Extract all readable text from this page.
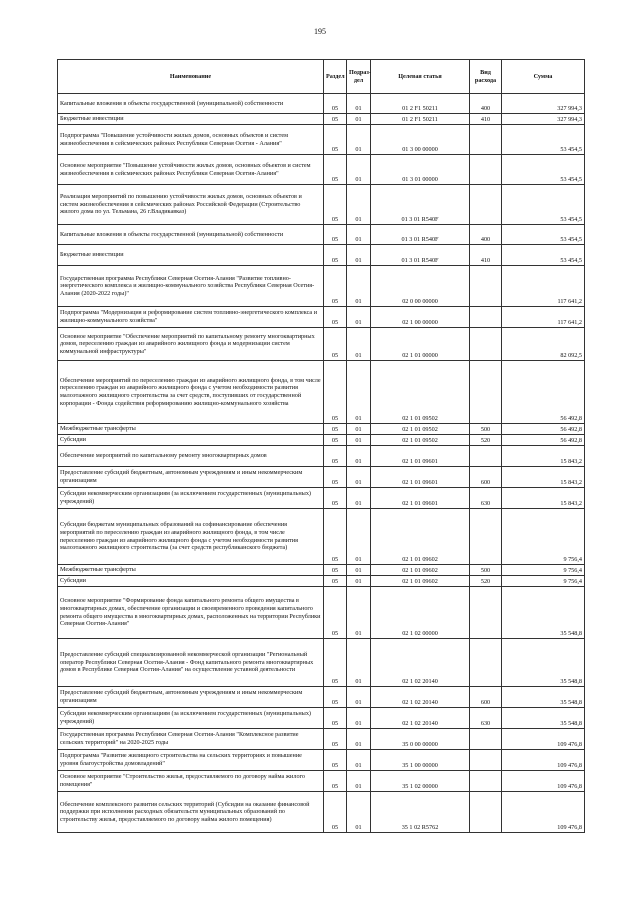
195
Наименование	Раздел	Подраз-дел	Целевая статья	Вид расхода	Сумма
Капитальные вложения в объекты государственной (муниципальной) собственности	05	01	01 2 F1 50211	400	327 994,3
Бюджетные инвестиции	05	01	01 2 F1 50211	410	327 994,3
Подпрограмма "Повышение устойчивости жилых домов, основных объектов и систем жизнеобеспечения в сейсмических районах Республики Северная Осетия - Алания"	05	01	01 3 00 00000		53 454,5
Основное мероприятие "Повышение устойчивости жилых домов, основных объектов и систем жизнеобеспечения в сейсмических районах Республики Северная Осетия-Алания"	05	01	01 3 01 00000		53 454,5
Реализация мероприятий по повышению устойчивости жилых домов, основных объектов и систем жизнеобеспечения в сейсмических районах Российской Федерации (Строительство жилого дома по ул. Тельмана, 26 г.Владикавказ)	05	01	01 3 01 R540F		53 454,5
Капитальные вложения в объекты государственной (муниципальной) собственности	05	01	01 3 01 R540F	400	53 454,5
Бюджетные инвестиции	05	01	01 3 01 R540F	410	53 454,5
Государственная программа Республики Северная Осетия-Алания "Развитие топливно-энергетического комплекса и жилищно-коммунального хозяйства Республики Северная Осетия-Алания (2020-2022 годы)"	05	01	02 0 00 00000		117 641,2
Подпрограмма "Модернизация и реформирование систем топливно-энергетического комплекса и жилищно-коммунального хозяйства"	05	01	02 1 00 00000		117 641,2
Основное мероприятие "Обеспечение мероприятий по капитальному ремонту многоквартирных домов, переселению граждан из аварийного жилищного фонда и модернизации систем коммунальной инфраструктуры"	05	01	02 1 01 00000		82 092,5
Обеспечение мероприятий по переселению граждан из аварийного жилищного фонда, в том числе переселению граждан из аварийного жилищного фонда с учетом необходимости развития малоэтажного жилищного строительства за счет средств, поступивших от государственной корпорации - Фонда содействия реформированию жилищно-коммунального хозяйства	05	01	02 1 01 09502		56 492,8
Межбюджетные трансферты	05	01	02 1 01 09502	500	56 492,8
Субсидии	05	01	02 1 01 09502	520	56 492,8
Обеспечение мероприятий по капитальному ремонту многоквартирных домов	05	01	02 1 01 09601		15 843,2
Предоставление субсидий бюджетным, автономным учреждениям и иным некоммерческим организациям	05	01	02 1 01 09601	600	15 843,2
Субсидии некоммерческим организациям (за исключением государственных (муниципальных) учреждений)	05	01	02 1 01 09601	630	15 843,2
Субсидии бюджетам муниципальных образований на софинансирование обеспечения мероприятий по переселению граждан из аварийного жилищного фонда, в том числе переселению граждан из аварийного жилищного фонда с учетом необходимости развития малоэтажного жилищного строительства (за счет средств республиканского бюджета)	05	01	02 1 01 09602		9 756,4
Межбюджетные трансферты	05	01	02 1 01 09602	500	9 756,4
Субсидии	05	01	02 1 01 09602	520	9 756,4
Основное мероприятие "Формирование фонда капитального ремонта общего имущества в многоквартирных домах, обеспечение организации и своевременного проведения капитального ремонта общего имущества в многоквартирных домах, расположенных на территории Республики Северная Осетия-Алания"	05	01	02 1 02 00000		35 548,8
Предоставление субсидий специализированной некоммерческой организации "Региональный оператор Республики Северная Осетия-Алания - Фонд капитального ремонта многоквартирных домов в Республике Северная Осетия-Алания" на осуществление уставной деятельности	05	01	02 1 02 20140		35 548,8
Предоставление субсидий бюджетным, автономным учреждениям и иным некоммерческим организациям	05	01	02 1 02 20140	600	35 548,8
Субсидии некоммерческим организациям (за исключением государственных (муниципальных) учреждений)	05	01	02 1 02 20140	630	35 548,8
Государственная программа Республики Северная Осетия-Алания "Комплексное развитие сельских территорий" на 2020-2025 годы	05	01	35 0 00 00000		109 476,8
Подпрограмма "Развитие жилищного строительства на сельских территориях и повышение уровня благоустройства домовладений"	05	01	35 1 00 00000		109 476,8
Основное мероприятие "Строительство жилья, предоставляемого по договору найма жилого помещения"	05	01	35 1 02 00000		109 476,8
Обеспечение комплексного развития сельских территорий (Субсидии на оказание финансовой поддержки при исполнении расходных обязательств муниципальных образований по строительству жилья, предоставляемого по договору найма жилого помещения)	05	01	35 1 02 R5762		109 476,8
